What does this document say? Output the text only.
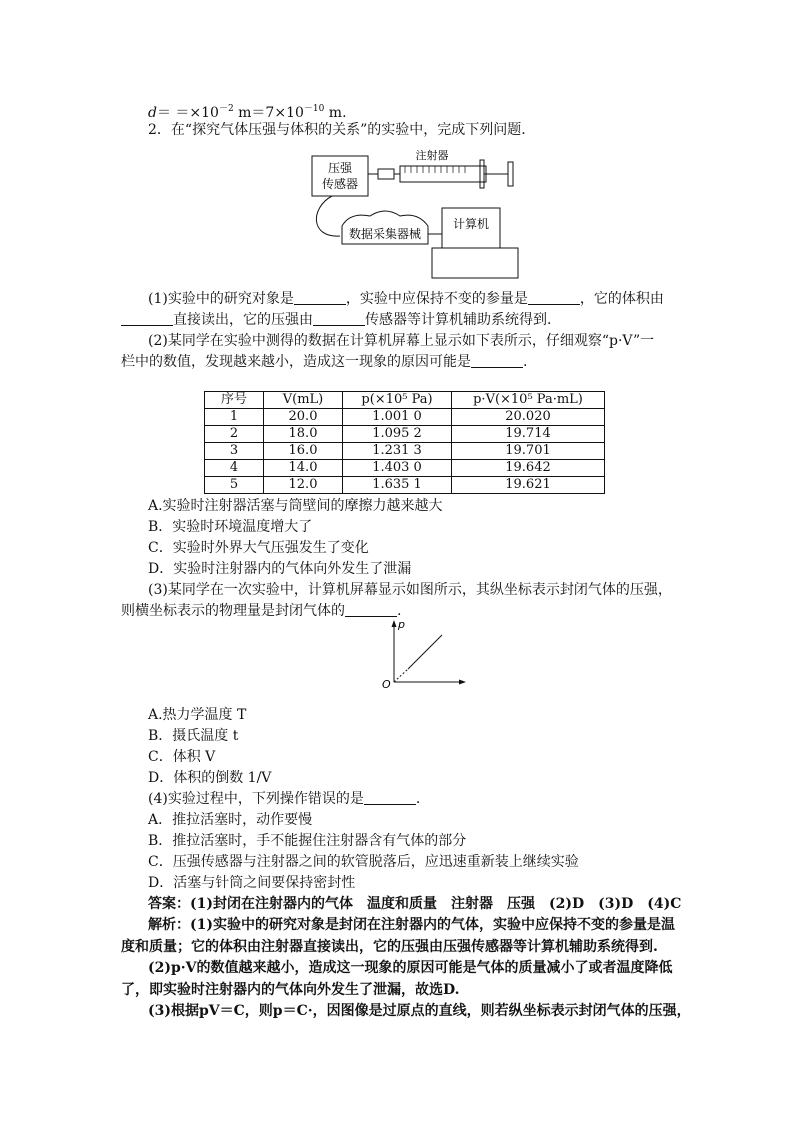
$d= =\times 10^{-2}$ $m=7\times 10^{-10}$ m.
2．在“探究气体压强与体积的关系”的实验中，完成下列问题.
压强
传感器
注射器
数据采集器械
计算机
(1)实验中的研究对象是	，实验中应保持不变的参量是	，它的体积由
直接读出，它的压强由	传感器等计算机辅助系统得到.
(2)某同学在实验中测得的数据在计算机屏幕上显示如下表所示，仔细观察“p·V”一
栏中的数值，发现越来越小，造成这一现象的原因可能是	.
序号	V(mL)	p(×10⁵ Pa)	p·V(×10⁵ Pa·mL)
1	20.0	1.001 0	20.020
2	18.0	1.095 2	19.714
3	16.0	1.231 3	19.701
4	14.0	1.403 0	19.642
5	12.0	1.635 1	19.621
A.实验时注射器活塞与筒壁间的摩擦力越来越大
B．实验时环境温度增大了
C．实验时外界大气压强发生了变化
D．实验时注射器内的气体向外发生了泄漏
(3)某同学在一次实验中，计算机屏幕显示如图所示，其纵坐标表示封闭气体的压强，
则横坐标表示的物理量是封闭气体的	.
p
O
A.热力学温度 T
B．摄氏温度 t
C．体积 V
D．体积的倒数 1/V
(4)实验过程中，下列操作错误的是	.
A．推拉活塞时，动作要慢
B．推拉活塞时，手不能握住注射器含有气体的部分
C．压强传感器与注射器之间的软管脱落后，应迅速重新装上继续实验
D．活塞与针筒之间要保持密封性
答案：(1)封闭在注射器内的气体　温度和质量　注射器　压强　(2)D　(3)D　(4)C
解析：(1)实验中的研究对象是封闭在注射器内的气体，实验中应保持不变的参量是温
度和质量；它的体积由注射器直接读出，它的压强由压强传感器等计算机辅助系统得到.
(2)p·V的数值越来越小，造成这一现象的原因可能是气体的质量减小了或者温度降低
了，即实验时注射器内的气体向外发生了泄漏，故选D.
(3)根据pV＝C，则p＝C·，因图像是过原点的直线，则若纵坐标表示封闭气体的压强，
